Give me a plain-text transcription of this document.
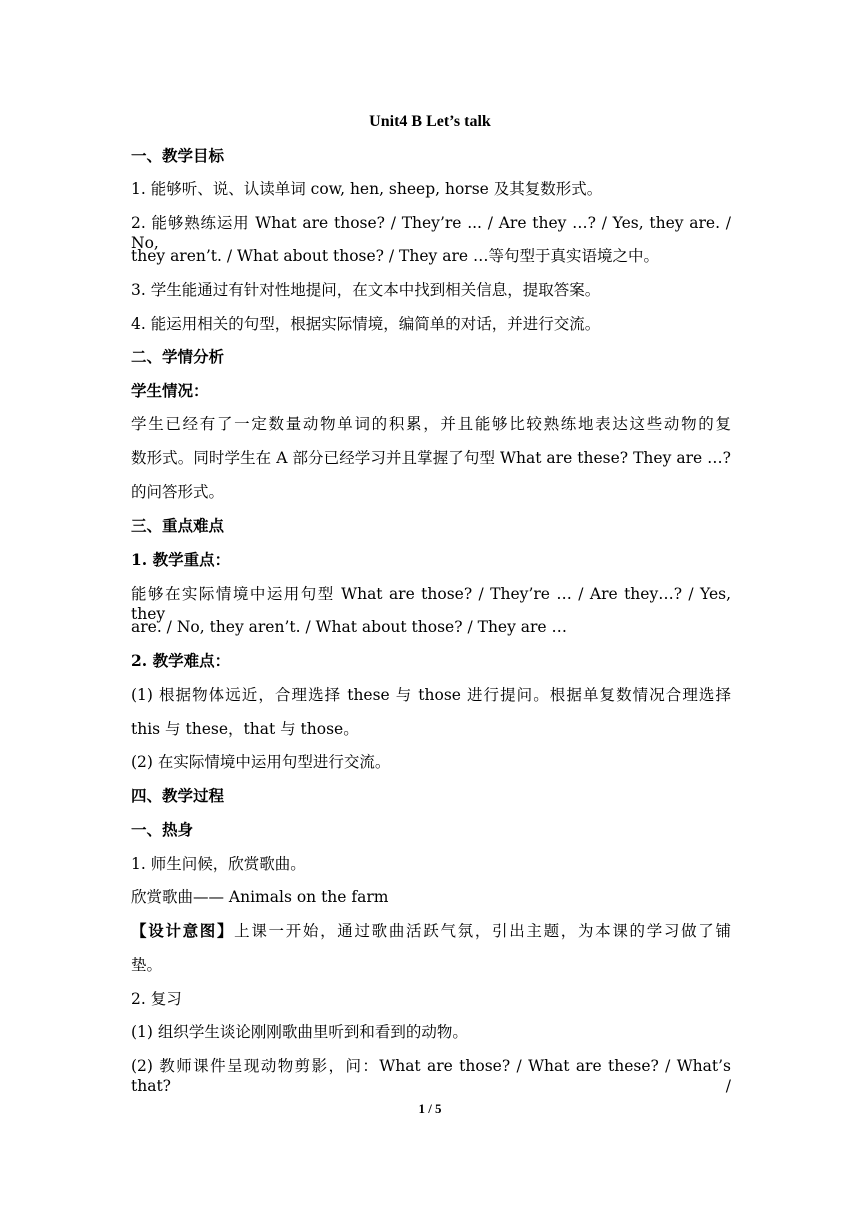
Unit4 B Let’s talk
一、教学目标
1. 能够听、说、认读单词 cow, hen, sheep, horse 及其复数形式。
2. 能够熟练运用 What are those? / They’re ... / Are they …? / Yes, they are. / No,
they aren’t. / What about those? / They are …等句型于真实语境之中。
3. 学生能通过有针对性地提问，在文本中找到相关信息，提取答案。
4. 能运用相关的句型，根据实际情境，编简单的对话，并进行交流。
二、学情分析
学生情况：
学生已经有了一定数量动物单词的积累，并且能够比较熟练地表达这些动物的复
数形式。同时学生在 A 部分已经学习并且掌握了句型 What are these? They are …?
的问答形式。
三、重点难点
1. 教学重点：
能够在实际情境中运用句型 What are those? / They’re … / Are they…? / Yes, they
are. / No, they aren’t. / What about those? / They are …
2. 教学难点：
(1) 根据物体远近，合理选择 these 与 those 进行提问。根据单复数情况合理选择
this 与 these，that 与 those。
(2) 在实际情境中运用句型进行交流。
四、教学过程
一、热身
1. 师生问候，欣赏歌曲。
欣赏歌曲—— Animals on the farm
【设计意图】上课一开始，通过歌曲活跃气氛，引出主题，为本课的学习做了铺
垫。
2. 复习
(1) 组织学生谈论刚刚歌曲里听到和看到的动物。
(2) 教师课件呈现动物剪影，问：What are those? / What are these? / What’s that? /
1 / 5
